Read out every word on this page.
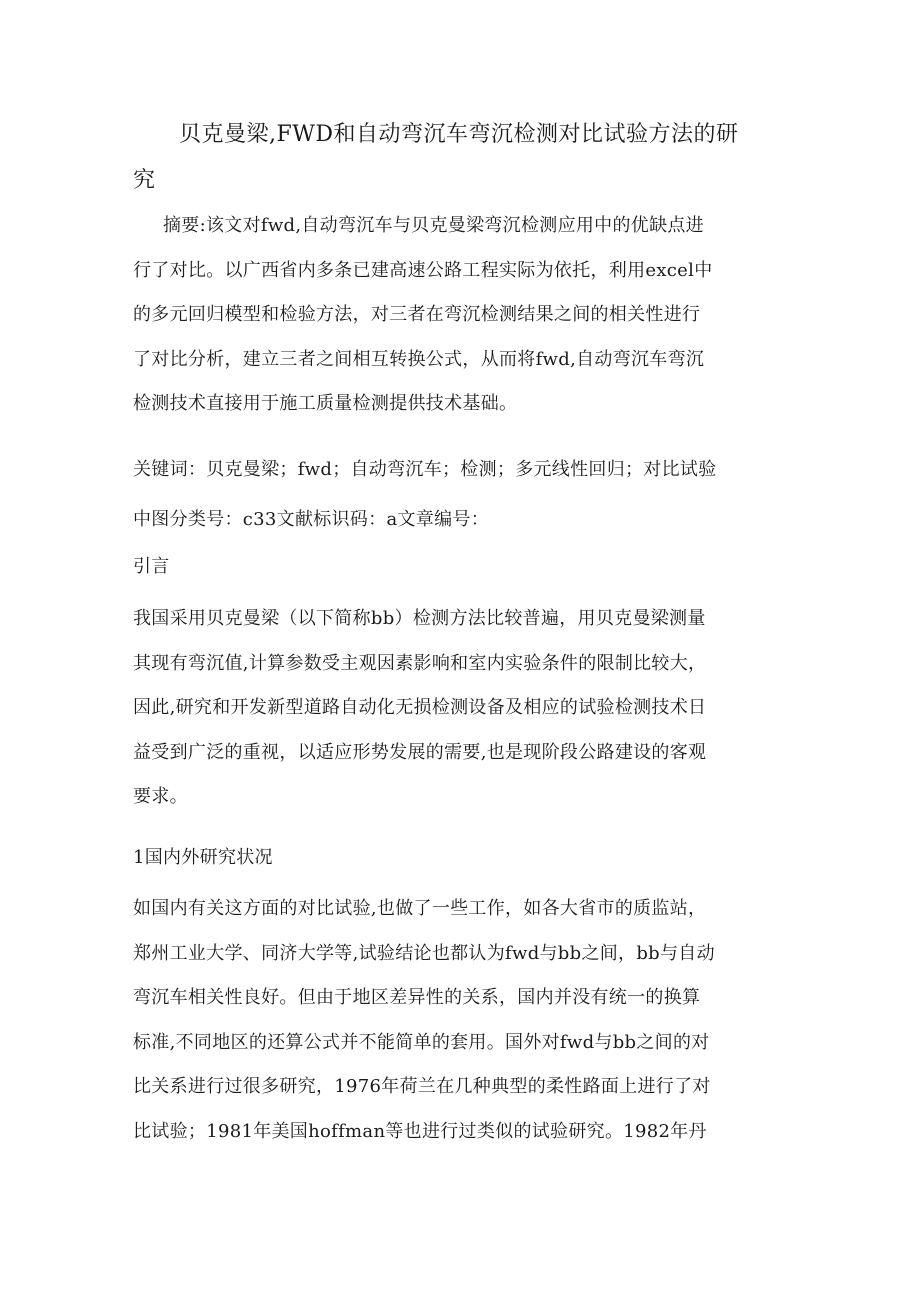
贝克曼梁,FWD和自动弯沉车弯沉检测对比试验方法的研
究
摘要:该文对fwd,自动弯沉车与贝克曼梁弯沉检测应用中的优缺点进
行了对比。以广西省内多条已建高速公路工程实际为依托，利用excel中
的多元回归模型和检验方法，对三者在弯沉检测结果之间的相关性进行
了对比分析，建立三者之间相互转换公式，从而将fwd,自动弯沉车弯沉
检测技术直接用于施工质量检测提供技术基础。
关键词：贝克曼梁；fwd；自动弯沉车；检测；多元线性回归；对比试验
中图分类号：c33文献标识码：a文章编号：
引言
我国采用贝克曼梁（以下简称bb）检测方法比较普遍，用贝克曼梁测量
其现有弯沉值,计算参数受主观因素影响和室内实验条件的限制比较大，
因此,研究和开发新型道路自动化无损检测设备及相应的试验检测技术日
益受到广泛的重视，以适应形势发展的需要,也是现阶段公路建设的客观
要求。
1国内外研究状况
如国内有关这方面的对比试验,也做了一些工作，如各大省市的质监站，
郑州工业大学、同济大学等,试验结论也都认为fwd与bb之间，bb与自动
弯沉车相关性良好。但由于地区差异性的关系，国内并没有统一的换算
标准,不同地区的还算公式并不能简单的套用。国外对fwd与bb之间的对
比关系进行过很多研究，1976年荷兰在几种典型的柔性路面上进行了对
比试验；1981年美国hoffman等也进行过类似的试验研究。1982年丹
